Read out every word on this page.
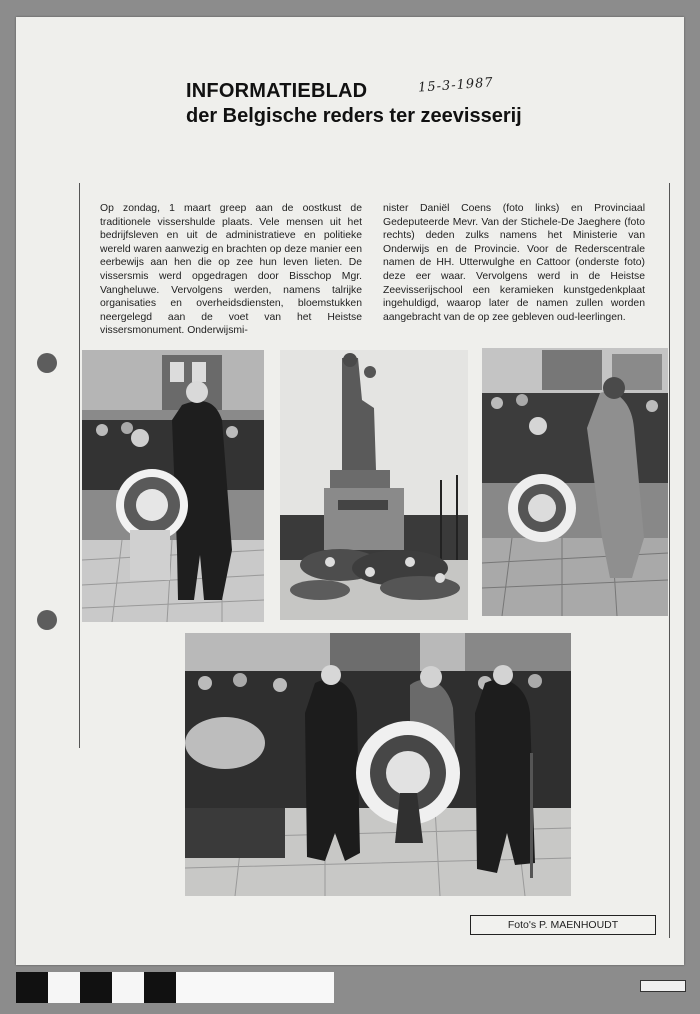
INFORMATIEBLAD
der Belgische reders ter zeevisserij
15-3-1987

Op zondag, 1 maart greep aan de oostkust de traditionele vissershulde plaats. Vele mensen uit het bedrijfsleven en uit de administratieve en politieke wereld waren aanwezig en brachten op deze manier een eerbewijs aan hen die op zee hun leven lieten. De vissersmis werd opgedragen door Bisschop Mgr. Vangheluwe. Vervolgens werden, namens talrijke organisaties en overheidsdiensten, bloemstukken neergelegd aan de voet van het Heistse vissersmonument. Onderwijsmi-

nister Daniël Coens (foto links) en Provinciaal Gedeputeerde Mevr. Van der Stichele-De Jaeghere (foto rechts) deden zulks namens het Ministerie van Onderwijs en de Provincie. Voor de Rederscentrale namen de HH. Utterwulghe en Cattoor (onderste foto) deze eer waar. Vervolgens werd in de Heistse Zeevisserijschool een keramieken kunstgedenkplaat ingehuldigd, waarop later de namen zullen worden aangebracht van de op zee gebleven oud-leerlingen.

Foto's P. MAENHOUDT
